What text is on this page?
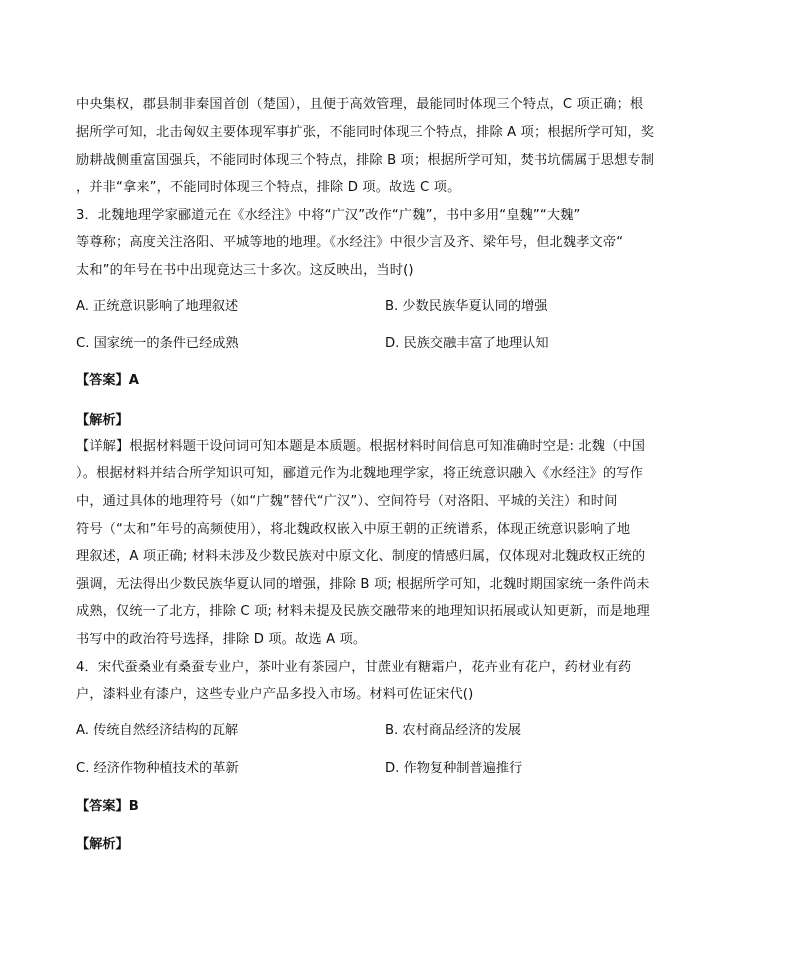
中央集权，郡县制非秦国首创（楚国），且便于高效管理，最能同时体现三个特点，C 项正确；根
据所学可知，北击匈奴主要体现军事扩张，不能同时体现三个特点，排除 A 项；根据所学可知，奖
励耕战侧重富国强兵，不能同时体现三个特点，排除 B 项；根据所学可知，焚书坑儒属于思想专制
，并非“拿来”，不能同时体现三个特点，排除 D 项。故选 C 项。
3．北魏地理学家郦道元在《水经注》中将“广汉”改作“广魏”，书中多用“皇魏”“大魏”
等尊称；高度关注洛阳、平城等地的地理。《水经注》中很少言及齐、梁年号，但北魏孝文帝“
太和”的年号在书中出现竟达三十多次。这反映出，当时()
A. 正统意识影响了地理叙述	B. 少数民族华夏认同的增强
C. 国家统一的条件已经成熟	D. 民族交融丰富了地理认知
【答案】A
【解析】
【详解】根据材料题干设问词可知本题是本质题。根据材料时间信息可知准确时空是: 北魏（中国
）。根据材料并结合所学知识可知，郦道元作为北魏地理学家，将正统意识融入《水经注》的写作
中，通过具体的地理符号（如“广魏”替代“广汉”）、空间符号（对洛阳、平城的关注）和时间
符号（“太和”年号的高频使用），将北魏政权嵌入中原王朝的正统谱系，体现正统意识影响了地
理叙述，A 项正确; 材料未涉及少数民族对中原文化、制度的情感归属，仅体现对北魏政权正统的
强调，无法得出少数民族华夏认同的增强，排除 B 项; 根据所学可知，北魏时期国家统一条件尚未
成熟，仅统一了北方，排除 C 项; 材料未提及民族交融带来的地理知识拓展或认知更新，而是地理
书写中的政治符号选择，排除 D 项。故选 A 项。
4．宋代蚕桑业有桑蚕专业户，茶叶业有茶园户，甘蔗业有糖霜户，花卉业有花户，药材业有药
户，漆料业有漆户，这些专业户产品多投入市场。材料可佐证宋代()
A. 传统自然经济结构的瓦解	B. 农村商品经济的发展
C. 经济作物种植技术的革新	D. 作物复种制普遍推行
【答案】B
【解析】
